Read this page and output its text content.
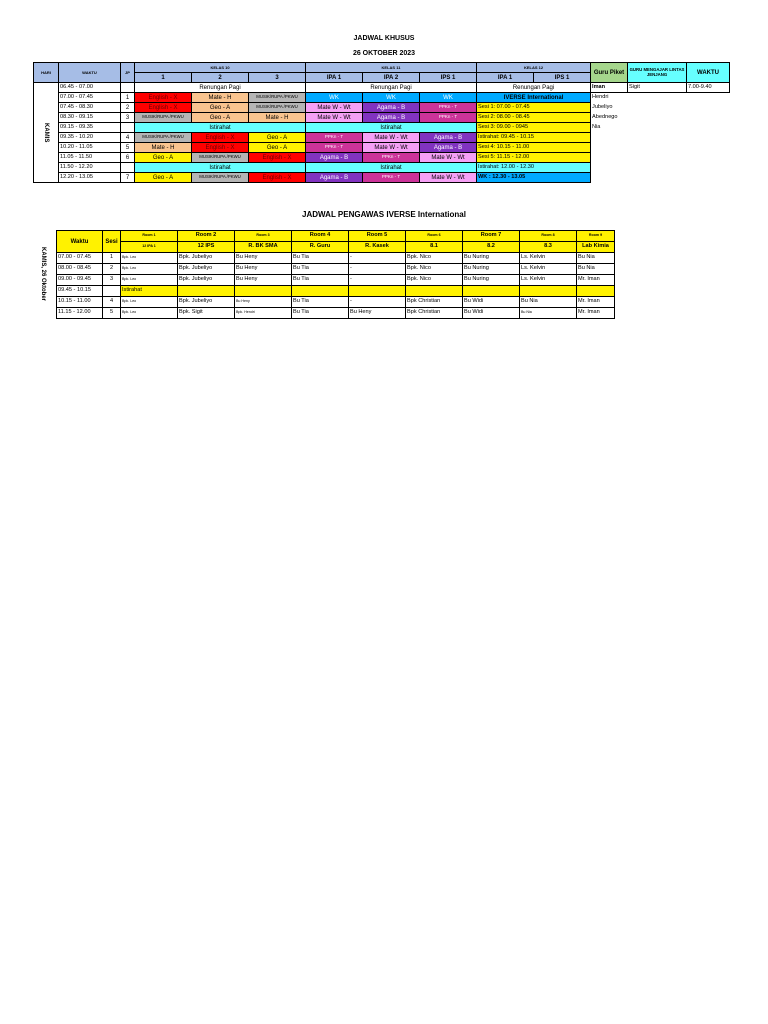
JADWAL KHUSUS
26 OKTOBER 2023
HARI	WAKTU	JP	KELAS 10			KELAS 11			KELAS 12		Guru Piket	GURU MENGAJAR LINTAS JENJANG	WAKTU
			1	2	3	IPA 1	IPA 2	IPS 1	IPA 1	IPS 1			
KAMIS	06.45 - 07.00		Renungan Pagi			Renungan Pagi			Renungan Pagi		Iman	Sigit	7.00-9.40
	07.00 - 07.45	1	English - X	Mate - H	MUSIK/RUPA /PKWU	WK	WK	WK	IVERSE International		Hendri		
	07.45 - 08.30	2	English - X	Geo - A	MUSIK/RUPA /PKWU	Mate W - Wt	Agama - B	PPKn - T	Sesi 1: 07.00 - 07.45		Jubeliyo		
	08.30 - 09.15	3	MUSIK/RUPA /PKWU	Geo - A	Mate - H	Mate W - Wt	Agama - B	PPKn - T	Sesi 2: 08.00 - 08.45		Abednego		
	09.15 - 09.35		Istirahat			Istirahat			Sesi 3: 09.00 - 0945		Nia		
	09.35 - 10.20	4	MUSIK/RUPA /PKWU	English - X	Geo - A	PPKn - T	Mate W - Wt	Agama - B	Istirahat: 09.45 - 10.15				
	10.20 - 11.05	5	Mate - H	English - X	Geo - A	PPKn - T	Mate W - Wt	Agama - B	Sesi 4: 10.15 - 11.00				
	11.05 - 11.50	6	Geo - A	MUSIK/RUPA /PKWU	English - X	Agama - B	PPKn - T	Mate W - Wt	Sesi 5: 11.15 - 12.00				
	11.50 - 12.20		Istirahat			Istirahat			Istirahat: 12.00 - 12.30				
	12.20 - 13.05	7	Geo - A	MUSIK/RUPA /PKWU	English - X	Agama - B	PPKn - T	Mate W - Wt	WK : 12.30 - 13.05				
JADWAL PENGAWAS IVERSE International
KAMIS, 26 Oktober
Waktu	Sesi	Room 1	Room 2	Room 3	Room 4	Room 5	Room 6	Room 7	Room 8	Room 9
		12 IPA 1	12 IPS	R. BK SMA	R. Guru	R. Kasek	8.1	8.2	8.3	Lab Kimia
07.00 - 07.45	1	Bpk. Leo	Bpk. Jubeliyo	Bu Heny	Bu Tia	-	Bpk. Nico	Bu Nuring	Ls. Kelvin	Bu Nia
08.00 - 08.45	2	Bpk. Leo	Bpk. Jubeliyo	Bu Heny	Bu Tia	-	Bpk. Nico	Bu Nuring	Ls. Kelvin	Bu Nia
09.00 - 09.45	3	Bpk. Leo	Bpk. Jubeliyo	Bu Heny	Bu Tia	-	Bpk. Nico	Bu Nuring	Ls. Kelvin	Mr. Iman
09.45 - 10.15		Istirahat								
10.15 - 11.00	4	Bpk. Leo	Bpk. Jubeliyo	Bu Heny	Bu Tia	-	Bpk Christian	Bu Widi	Bu Nia	Mr. Iman
11.15 - 12.00	5	Bpk. Leo	Bpk. Sigit	Bpk. Hendri	Bu Tia	Bu Heny	Bpk Christian	Bu Widi	Bu Nia	Mr. Iman
